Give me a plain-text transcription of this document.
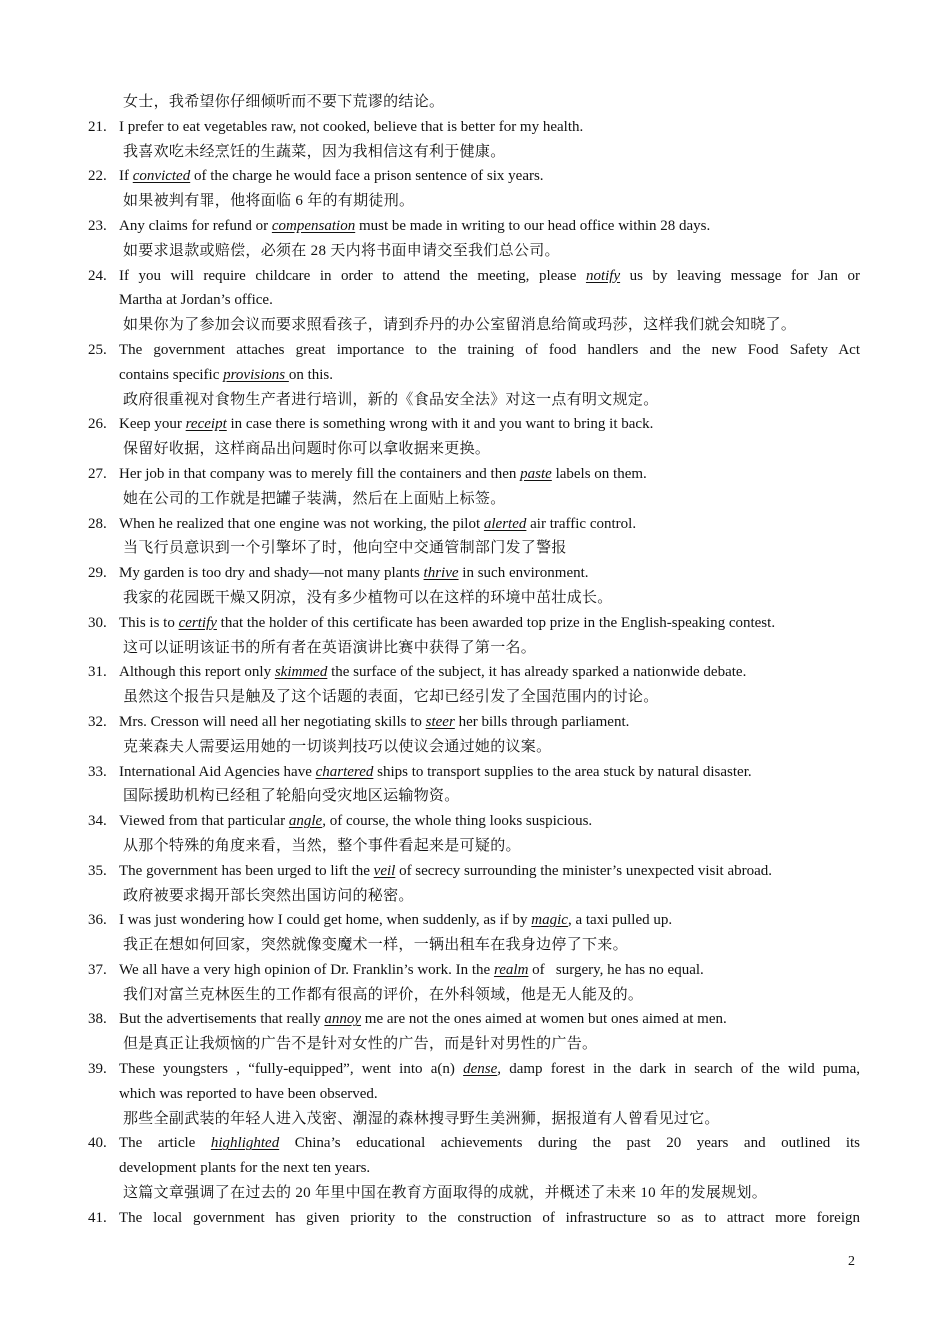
女士，我希望你仔细倾听而不要下荒谬的结论。
21. I prefer to eat vegetables raw, not cooked, believe that is better for my health.
我喜欢吃未经烹饪的生蔬菜，因为我相信这有利于健康。
22. If convicted of the charge he would face a prison sentence of six years.
如果被判有罪，他将面临 6 年的有期徒刑。
23. Any claims for refund or compensation must be made in writing to our head office within 28 days.
如要求退款或赔偿，必须在 28 天内将书面申请交至我们总公司。
24. If you will require childcare in order to attend the meeting, please notify us by leaving message for Jan or
Martha at Jordan’s office.
如果你为了参加会议而要求照看孩子，请到乔丹的办公室留消息给简或玛莎，这样我们就会知晓了。
25. The government attaches great importance to the training of food handlers and the new Food Safety Act
contains specific provisions on this.
政府很重视对食物生产者进行培训，新的《食品安全法》对这一点有明文规定。
26. Keep your receipt in case there is something wrong with it and you want to bring it back.
保留好收据，这样商品出问题时你可以拿收据来更换。
27. Her job in that company was to merely fill the containers and then paste labels on them.
她在公司的工作就是把罐子装满，然后在上面贴上标签。
28. When he realized that one engine was not working, the pilot alerted air traffic control.
当飞行员意识到一个引擎坏了时，他向空中交通管制部门发了警报
29. My garden is too dry and shady—not many plants thrive in such environment.
我家的花园既干燥又阴凉，没有多少植物可以在这样的环境中茁壮成长。
30. This is to certify that the holder of this certificate has been awarded top prize in the English-speaking contest.
这可以证明该证书的所有者在英语演讲比赛中获得了第一名。
31. Although this report only skimmed the surface of the subject, it has already sparked a nationwide debate.
虽然这个报告只是触及了这个话题的表面，它却已经引发了全国范围内的讨论。
32. Mrs. Cresson will need all her negotiating skills to steer her bills through parliament.
克莱森夫人需要运用她的一切谈判技巧以使议会通过她的议案。
33. International Aid Agencies have chartered ships to transport supplies to the area stuck by natural disaster.
国际援助机构已经租了轮船向受灾地区运输物资。
34. Viewed from that particular angle, of course, the whole thing looks suspicious.
从那个特殊的角度来看，当然，整个事件看起来是可疑的。
35. The government has been urged to lift the veil of secrecy surrounding the minister’s unexpected visit abroad.
政府被要求揭开部长突然出国访问的秘密。
36. I was just wondering how I could get home, when suddenly, as if by magic, a taxi pulled up.
我正在想如何回家，突然就像变魔术一样，一辆出租车在我身边停了下来。
37. We all have a very high opinion of Dr. Franklin’s work. In the realm of   surgery, he has no equal.
我们对富兰克林医生的工作都有很高的评价，在外科领域，他是无人能及的。
38. But the advertisements that really annoy me are not the ones aimed at women but ones aimed at men.
但是真正让我烦恼的广告不是针对女性的广告，而是针对男性的广告。
39. These youngsters , “fully-equipped”, went into a(n) dense, damp forest in the dark in search of the wild puma,
which was reported to have been observed.
那些全副武装的年轻人进入茂密、潮湿的森林搜寻野生美洲狮，据报道有人曾看见过它。
40. The article highlighted China’s educational achievements during the past 20 years and outlined its
development plants for the next ten years.
这篇文章强调了在过去的 20 年里中国在教育方面取得的成就，并概述了未来 10 年的发展规划。
41. The local government has given priority to the construction of infrastructure so as to attract more foreign
2
